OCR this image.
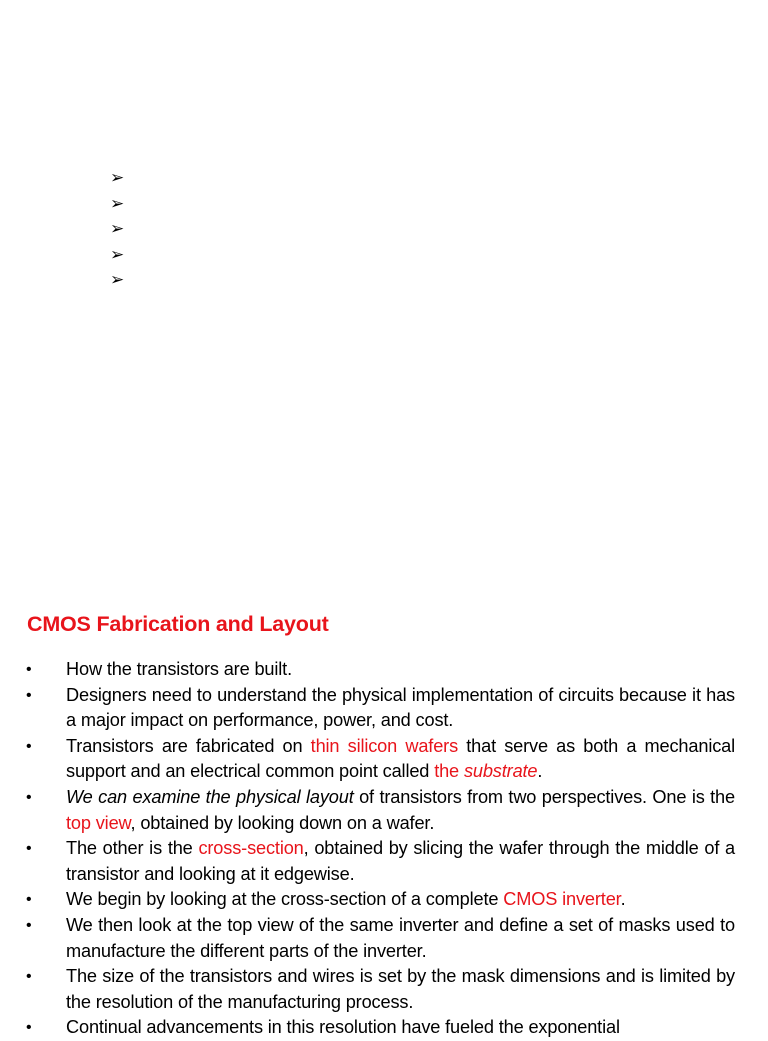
➢
➢
➢
➢
➢
CMOS Fabrication and Layout
•	How the transistors are built.
•	Designers need to understand the physical implementation of circuits because it has a major impact on performance, power, and cost.
•	Transistors are fabricated on thin silicon wafers that serve as both a mechanical support and an electrical common point called the substrate.
•	We can examine the physical layout of transistors from two perspectives. One is the top view, obtained by looking down on a wafer.
•	The other is the cross-section, obtained by slicing the wafer through the middle of a transistor and looking at it edgewise.
•	We begin by looking at the cross-section of a complete CMOS inverter.
•	We then look at the top view of the same inverter and define a set of masks used to manufacture the different parts of the inverter.
•	The size of the transistors and wires is set by the mask dimensions and is limited by the resolution of the manufacturing process.
•	Continual advancements in this resolution have fueled the exponential
